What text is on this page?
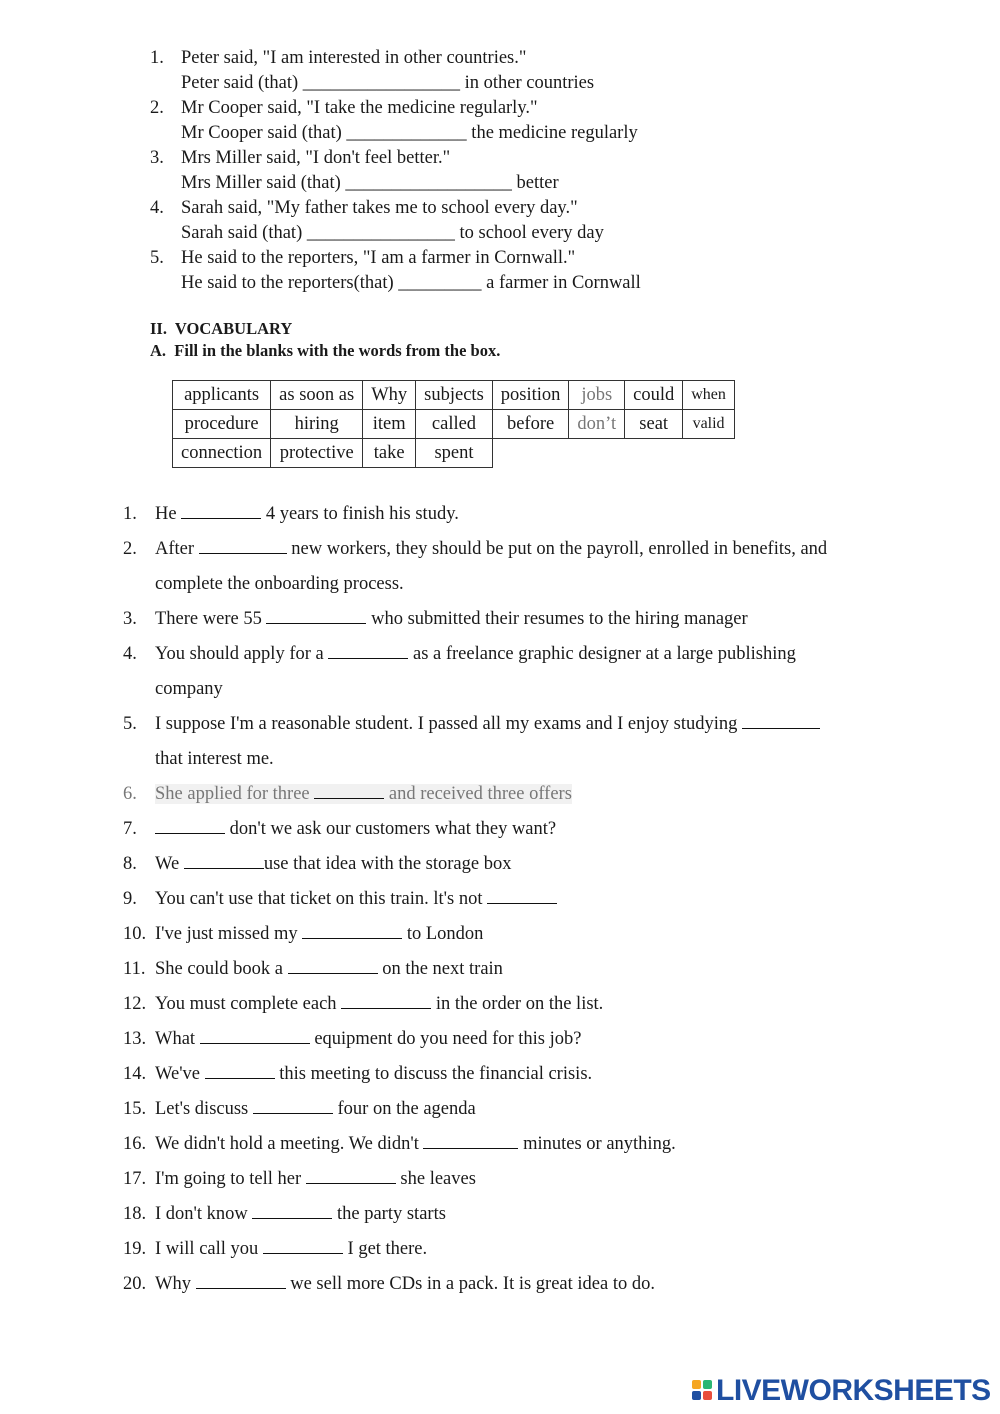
1. Peter said, "I am interested in other countries."
Peter said (that) _________________ in other countries
2. Mr Cooper said, "I take the medicine regularly."
Mr Cooper said (that) _____________ the medicine regularly
3. Mrs Miller said, "I don't feel better."
Mrs Miller said (that) __________________ better
4. Sarah said, "My father takes me to school every day."
Sarah said (that) ________________ to school every day
5. He said to the reporters, "I am a farmer in Cornwall."
He said to the reporters(that) _________ a farmer in Cornwall
II.  VOCABULARY
A.  Fill in the blanks with the words from the box.
applicants	as soon as	Why	subjects	position	jobs	could	when
procedure	hiring	item	called	before	don’t	seat	valid
connection	protective	take	spent				
1. He	4 years to finish his study.
2. After	new workers, they should be put on the payroll, enrolled in benefits, and
complete the onboarding process.
3. There were 55	who submitted their resumes to the hiring manager
4. You should apply for a	as a freelance graphic designer at a large publishing
company
5. I suppose I'm a reasonable student. I passed all my exams and I enjoy studying
that interest me.
6. She applied for three	and received three offers
7.	don't we ask our customers what they want?
8. We	use that idea with the storage box
9. You can't use that ticket on this train. lt's not
10. I've just missed my	to London
11. She could book a	on the next train
12. You must complete each	in the order on the list.
13. What	equipment do you need for this job?
14. We've	this meeting to discuss the financial crisis.
15. Let's discuss	four on the agenda
16. We didn't hold a meeting. We didn't	minutes or anything.
17. I'm going to tell her	she leaves
18. I don't know	the party starts
19. I will call you	I get there.
20. Why	we sell more CDs in a pack. It is great idea to do.
LIVEWORKSHEETS
